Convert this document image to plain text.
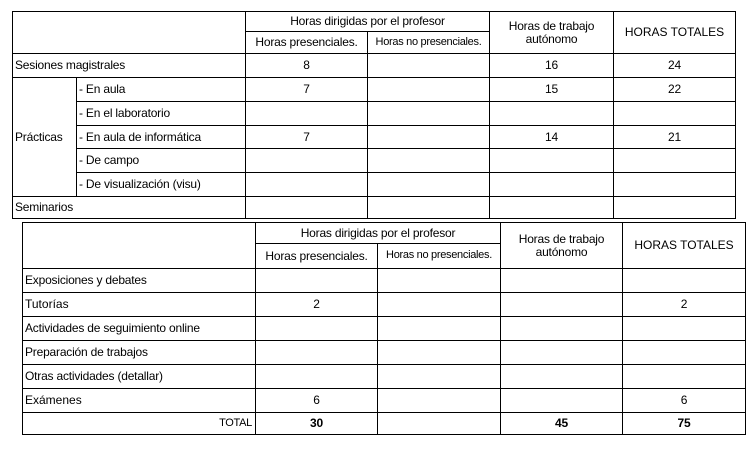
		Horas dirigidas por el profesor		Horas de trabajo autónomo	HORAS TOTALES
		Horas presenciales.	Horas no presenciales.		
Sesiones magistrales		8		16	24
Prácticas	- En aula	7		15	22
	- En el laboratorio				
	- En aula de informática	7		14	21
	- De campo				
	- De visualización (visu)				
Seminarios					
	Horas dirigidas por el profesor		Horas de trabajo autónomo	HORAS TOTALES
	Horas presenciales.	Horas no presenciales.		
Exposiciones y debates				
Tutorías	2			2
Actividades de seguimiento online				
Preparación de trabajos				
Otras actividades (detallar)				
Exámenes	6			6
TOTAL	30		45	75
